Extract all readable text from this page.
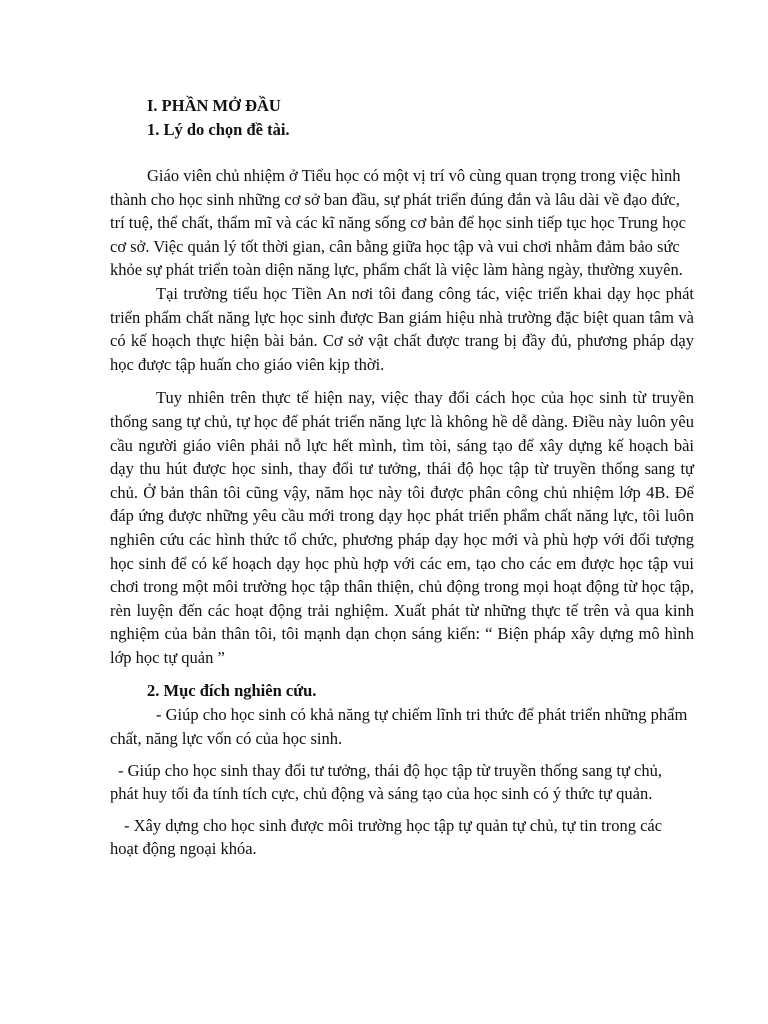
I. PHẦN MỞ ĐẦU

1. Lý do chọn đề tài.

Giáo viên chủ nhiệm ở Tiểu học có một vị trí vô cùng quan trọng trong việc hình thành cho học sinh những cơ sở ban đầu, sự phát triển đúng đắn và lâu dài về đạo đức, trí tuệ, thể chất, thẩm mĩ và các kĩ năng sống cơ bản để học sinh tiếp tục học Trung học cơ sở. Việc quản lý tốt thời gian, cân bằng giữa học tập và vui chơi nhằm đảm bảo sức khỏe sự phát triển toàn diện năng lực, phẩm chất là việc làm hàng ngày, thường xuyên.

Tại trường tiểu học Tiền An nơi tôi đang công tác, việc triển khai dạy học phát triển phẩm chất năng lực học sinh được Ban giám hiệu nhà trường đặc biệt quan tâm và có kế hoạch thực hiện bài bản. Cơ sở vật chất được trang bị đầy đủ, phương pháp dạy học được tập huấn cho giáo viên kịp thời.

Tuy nhiên trên thực tế hiện nay, việc thay đổi cách học của học sinh từ truyền thống sang tự chủ, tự học để phát triển năng lực là không hề dễ dàng. Điều này luôn yêu cầu người giáo viên phải nỗ lực hết mình, tìm tòi, sáng tạo để xây dựng kế hoạch bài dạy thu hút được học sinh, thay đổi tư tưởng, thái độ học tập từ truyền thống sang tự chủ. Ở bản thân tôi cũng vậy, năm học này tôi được phân công chủ nhiệm lớp 4B. Để đáp ứng được những yêu cầu mới trong dạy học phát triển phẩm chất năng lực, tôi luôn nghiên cứu các hình thức tổ chức, phương pháp dạy học mới và phù hợp với đối tượng học sinh để có kế hoạch dạy học phù hợp với các em, tạo cho các em được học tập vui chơi trong một môi trường học tập thân thiện, chủ động trong mọi hoạt động từ học tập, rèn luyện đến các hoạt động trải nghiệm. Xuất phát từ những thực tế trên và qua kinh nghiệm của bản thân tôi, tôi mạnh dạn chọn sáng kiến: “ Biện pháp xây dựng mô hình lớp học tự quản ”

2. Mục đích nghiên cứu.

- Giúp cho học sinh có khả năng tự chiếm lĩnh tri thức để phát triển những phẩm chất, năng lực vốn có của học sinh.

- Giúp cho học sinh thay đổi tư tưởng, thái độ học tập từ truyền thống sang tự chủ, phát huy tối đa tính tích cực, chủ động và sáng tạo của học sinh có ý thức tự quản.

- Xây dựng cho học sinh được môi trường học tập tự quản tự chủ, tự tin trong các hoạt động ngoại khóa.
